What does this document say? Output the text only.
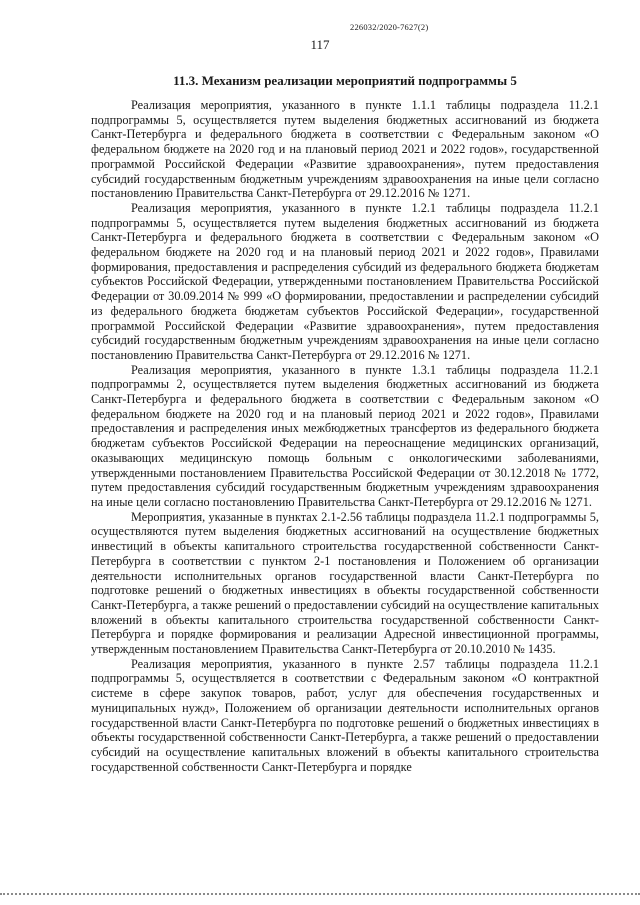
226032/2020-7627(2)
117
11.3. Механизм реализации мероприятий подпрограммы 5

Реализация мероприятия, указанного в пункте 1.1.1 таблицы подраздела 11.2.1 подпрограммы 5, осуществляется путем выделения бюджетных ассигнований из бюджета Санкт-Петербурга и федерального бюджета в соответствии с Федеральным законом «О федеральном бюджете на 2020 год и на плановый период 2021 и 2022 годов», государственной программой Российской Федерации «Развитие здравоохранения», путем предоставления субсидий государственным бюджетным учреждениям здравоохранения на иные цели согласно постановлению Правительства Санкт-Петербурга от 29.12.2016 № 1271.

Реализация мероприятия, указанного в пункте 1.2.1 таблицы подраздела 11.2.1 подпрограммы 5, осуществляется путем выделения бюджетных ассигнований из бюджета Санкт-Петербурга и федерального бюджета в соответствии с Федеральным законом «О федеральном бюджете на 2020 год и на плановый период 2021 и 2022 годов», Правилами формирования, предоставления и распределения субсидий из федерального бюджета бюджетам субъектов Российской Федерации, утвержденными постановлением Правительства Российской Федерации от 30.09.2014 № 999 «О формировании, предоставлении и распределении субсидий из федерального бюджета бюджетам субъектов Российской Федерации», государственной программой Российской Федерации «Развитие здравоохранения», путем предоставления субсидий государственным бюджетным учреждениям здравоохранения на иные цели согласно постановлению Правительства Санкт-Петербурга от 29.12.2016 № 1271.

Реализация мероприятия, указанного в пункте 1.3.1 таблицы подраздела 11.2.1 подпрограммы 2, осуществляется путем выделения бюджетных ассигнований из бюджета Санкт-Петербурга и федерального бюджета в соответствии с Федеральным законом «О федеральном бюджете на 2020 год и на плановый период 2021 и 2022 годов», Правилами предоставления и распределения иных межбюджетных трансфертов из федерального бюджета бюджетам субъектов Российской Федерации на переоснащение медицинских организаций, оказывающих медицинскую помощь больным с онкологическими заболеваниями, утвержденными постановлением Правительства Российской Федерации от 30.12.2018 № 1772, путем предоставления субсидий государственным бюджетным учреждениям здравоохранения на иные цели согласно постановлению Правительства Санкт-Петербурга от 29.12.2016 № 1271.

Мероприятия, указанные в пунктах 2.1-2.56 таблицы подраздела 11.2.1 подпрограммы 5, осуществляются путем выделения бюджетных ассигнований на осуществление бюджетных инвестиций в объекты капитального строительства государственной собственности Санкт-Петербурга в соответствии с пунктом 2-1 постановления и Положением об организации деятельности исполнительных органов государственной власти Санкт-Петербурга по подготовке решений о бюджетных инвестициях в объекты государственной собственности Санкт-Петербурга, а также решений о предоставлении субсидий на осуществление капитальных вложений в объекты капитального строительства государственной собственности Санкт-Петербурга и порядке формирования и реализации Адресной инвестиционной программы, утвержденным постановлением Правительства Санкт-Петербурга от 20.10.2010 № 1435.

Реализация мероприятия, указанного в пункте 2.57 таблицы подраздела 11.2.1 подпрограммы 5, осуществляется в соответствии с Федеральным законом «О контрактной системе в сфере закупок товаров, работ, услуг для обеспечения государственных и муниципальных нужд», Положением об организации деятельности исполнительных органов государственной власти Санкт-Петербурга по подготовке решений о бюджетных инвестициях в объекты государственной собственности Санкт-Петербурга, а также решений о предоставлении субсидий на осуществление капитальных вложений в объекты капитального строительства государственной собственности Санкт-Петербурга и порядке
